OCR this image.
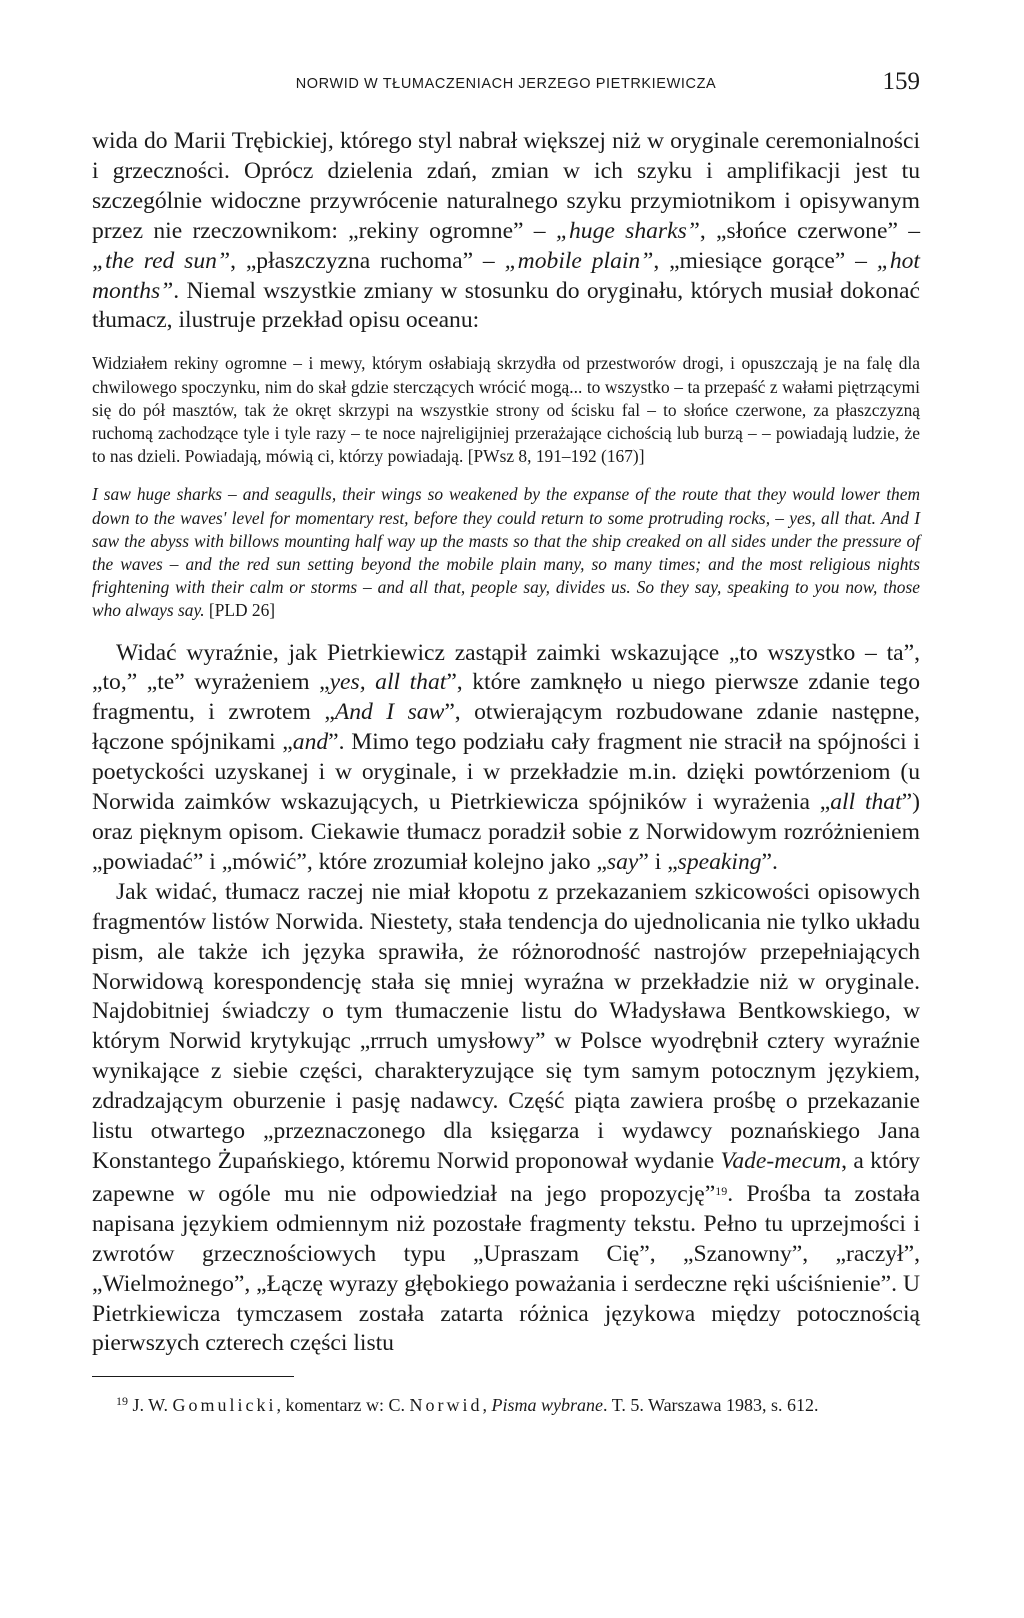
NORWID W TŁUMACZENIACH JERZEGO PIETRKIEWICZA	159

wida do Marii Trębickiej, którego styl nabrał większej niż w oryginale ceremonialności i grzeczności. Oprócz dzielenia zdań, zmian w ich szyku i amplifikacji jest tu szczególnie widoczne przywrócenie naturalnego szyku przymiotnikom i opisywanym przez nie rzeczownikom: „rekiny ogromne” – „huge sharks”, „słońce czerwone” – „the red sun”, „płaszczyzna ruchoma” – „mobile plain”, „miesiące gorące” – „hot months”. Niemal wszystkie zmiany w stosunku do oryginału, których musiał dokonać tłumacz, ilustruje przekład opisu oceanu:

Widziałem rekiny ogromne – i mewy, którym osłabiają skrzydła od przestworów drogi, i opuszczają je na falę dla chwilowego spoczynku, nim do skał gdzie sterczących wrócić mogą... to wszystko – ta przepaść z wałami piętrzącymi się do pół masztów, tak że okręt skrzypi na wszystkie strony od ścisku fal – to słońce czerwone, za płaszczyzną ruchomą zachodzące tyle i tyle razy – te noce najreligijniej przerażające cichością lub burzą – – powiadają ludzie, że to nas dzieli. Powiadają, mówią ci, którzy powiadają. [PWsz 8, 191–192 (167)]

I saw huge sharks – and seagulls, their wings so weakened by the expanse of the route that they would lower them down to the waves' level for momentary rest, before they could return to some protruding rocks, – yes, all that. And I saw the abyss with billows mounting half way up the masts so that the ship creaked on all sides under the pressure of the waves – and the red sun setting beyond the mobile plain many, so many times; and the most religious nights frightening with their calm or storms – and all that, people say, divides us. So they say, speaking to you now, those who always say. [PLD 26]

Widać wyraźnie, jak Pietrkiewicz zastąpił zaimki wskazujące „to wszystko – ta”, „to,” „te” wyrażeniem „yes, all that”, które zamknęło u niego pierwsze zdanie tego fragmentu, i zwrotem „And I saw”, otwierającym rozbudowane zdanie następne, łączone spójnikami „and”. Mimo tego podziału cały fragment nie stracił na spójności i poetyckości uzyskanej i w oryginale, i w przekładzie m.in. dzięki powtórzeniom (u Norwida zaimków wskazujących, u Pietrkiewicza spójników i wyrażenia „all that”) oraz pięknym opisom. Ciekawie tłumacz poradził sobie z Norwidowym rozróżnieniem „powiadać” i „mówić”, które zrozumiał kolejno jako „say” i „speaking”.

Jak widać, tłumacz raczej nie miał kłopotu z przekazaniem szkicowości opisowych fragmentów listów Norwida. Niestety, stała tendencja do ujednolicania nie tylko układu pism, ale także ich języka sprawiła, że różnorodność nastrojów przepełniających Norwidową korespondencję stała się mniej wyraźna w przekładzie niż w oryginale. Najdobitniej świadczy o tym tłumaczenie listu do Władysława Bentkowskiego, w którym Norwid krytykując „rrruch umysłowy” w Polsce wyodrębnił cztery wyraźnie wynikające z siebie części, charakteryzujące się tym samym potocznym językiem, zdradzającym oburzenie i pasję nadawcy. Część piąta zawiera prośbę o przekazanie listu otwartego „przeznaczonego dla księgarza i wydawcy poznańskiego Jana Konstantego Żupańskiego, któremu Norwid proponował wydanie Vade-mecum, a który zapewne w ogóle mu nie odpowiedział na jego propozycję”$^{19}$. Prośba ta została napisana językiem odmiennym niż pozostałe fragmenty tekstu. Pełno tu uprzejmości i zwrotów grzecznościowych typu „Upraszam Cię”, „Szanowny”, „raczył”, „Wielmożnego”, „Łączę wyrazy głębokiego poważania i serdeczne ręki uściśnienie”. U Pietrkiewicza tymczasem została zatarta różnica językowa między potocznością pierwszych czterech części listu

$^{19}$ J. W. Gomulicki, komentarz w: C. Norwid, Pisma wybrane. T. 5. Warszawa 1983, s. 612.
